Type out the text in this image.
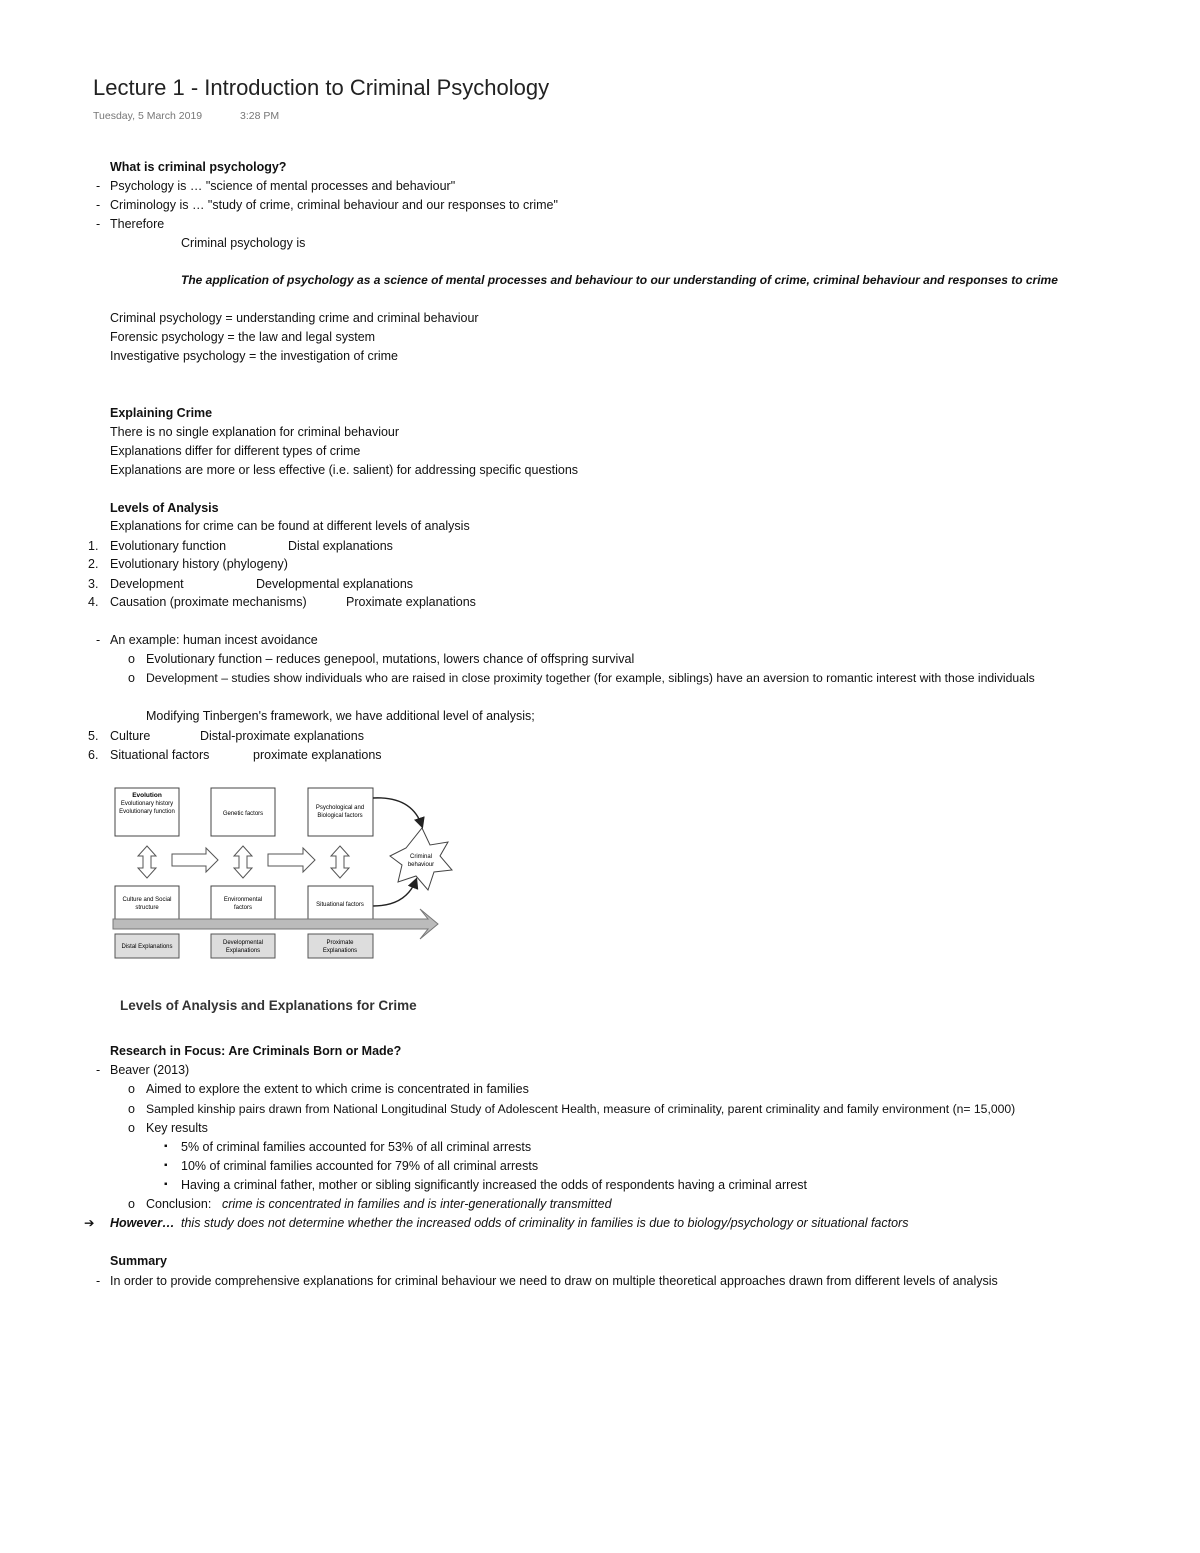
Lecture 1 - Introduction to Criminal Psychology
Tuesday, 5 March 2019	3:28 PM
What is criminal psychology?
- Psychology is … "science of mental processes and behaviour"
- Criminology is … "study of crime, criminal behaviour and our responses to crime"
- Therefore
Criminal psychology is
The application of psychology as a science of mental processes and behaviour to our understanding of crime, criminal behaviour and responses to crime
Criminal psychology = understanding crime and criminal behaviour
Forensic psychology = the law and legal system
Investigative psychology = the investigation of crime
Explaining Crime
There is no single explanation for criminal behaviour
Explanations differ for different types of crime
Explanations are more or less effective (i.e. salient) for addressing specific questions
Levels of Analysis
Explanations for crime can be found at different levels of analysis
1. Evolutionary function	Distal explanations
2. Evolutionary history (phylogeny)
3. Development	Developmental explanations
4. Causation (proximate mechanisms)	Proximate explanations
- An example: human incest avoidance
o Evolutionary function – reduces genepool, mutations, lowers chance of offspring survival
o Development – studies show individuals who are raised in close proximity together (for example, siblings) have an aversion to romantic interest with those individuals
Modifying Tinbergen's framework, we have additional level of analysis;
5. Culture	Distal-proximate explanations
6. Situational factors	proximate explanations
Evolution
Evolutionary history
Evolutionary function	Genetic factors
Psychological and
Biological factors
Criminal
behaviour
Culture and Social
structure
Environmental
factors	Situational factors
Distal Explanations
Developmental
Explanations
Proximate
Explanations
Levels of Analysis and Explanations for Crime
Research in Focus: Are Criminals Born or Made?
- Beaver (2013)
o Aimed to explore the extent to which crime is concentrated in families
o Sampled kinship pairs drawn from National Longitudinal Study of Adolescent Health, measure of criminality, parent criminality and family environment (n= 15,000)
o Key results
▪ 5% of criminal families accounted for 53% of all criminal arrests
▪ 10% of criminal families accounted for 79% of all criminal arrests
▪ Having a criminal father, mother or sibling significantly increased the odds of respondents having a criminal arrest
o Conclusion: crime is concentrated in families and is inter-generationally transmitted
➔ However… this study does not determine whether the increased odds of criminality in families is due to biology/psychology or situational factors
Summary
- In order to provide comprehensive explanations for criminal behaviour we need to draw on multiple theoretical approaches drawn from different levels of analysis
